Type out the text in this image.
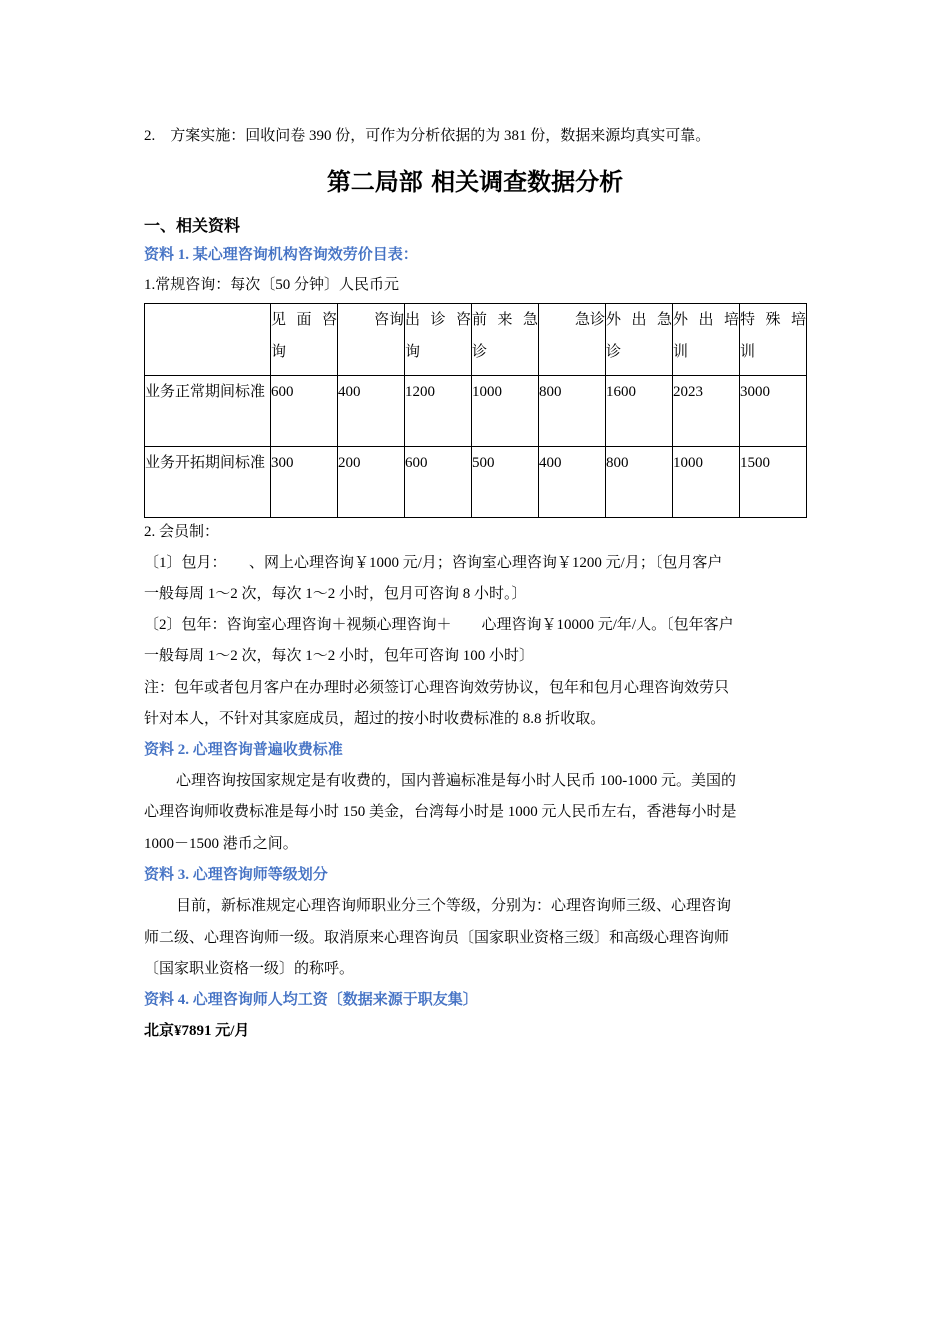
2.　方案实施：回收问卷 390 份，可作为分析依据的为 381 份，数据来源均真实可靠。
第二局部 相关调查数据分析
一、相关资料
资料 1. 某心理咨询机构咨询效劳价目表：
1.常规咨询：每次〔50 分钟〕人民币元
	见 面 咨询	咨询	出 诊 咨询	前 来 急诊	急诊	外 出 急诊	外 出 培训	特 殊 培训
业务正常期间标准	600	400	1200	1000	800	1600	2023	3000
业务开拓期间标准	300	200	600	500	400	800	1000	1500
2. 会员制：
〔1〕包月：　　、网上心理咨询￥1000 元/月；咨询室心理咨询￥1200 元/月；〔包月客户
一般每周 1～2 次，每次 1～2 小时，包月可咨询 8 小时。〕
〔2〕包年：咨询室心理咨询＋视频心理咨询＋　　心理咨询￥10000 元/年/人。〔包年客户
一般每周 1～2 次，每次 1～2 小时，包年可咨询 100 小时〕
注：包年或者包月客户在办理时必须签订心理咨询效劳协议，包年和包月心理咨询效劳只
针对本人，不针对其家庭成员，超过的按小时收费标准的 8.8 折收取。
资料 2. 心理咨询普遍收费标准
心理咨询按国家规定是有收费的，国内普遍标准是每小时人民币 100-1000 元。美国的
心理咨询师收费标准是每小时 150 美金，台湾每小时是 1000 元人民币左右，香港每小时是
1000－1500 港币之间。
资料 3. 心理咨询师等级划分
目前，新标准规定心理咨询师职业分三个等级，分别为：心理咨询师三级、心理咨询
师二级、心理咨询师一级。取消原来心理咨询员〔国家职业资格三级〕和高级心理咨询师
〔国家职业资格一级〕的称呼。
资料 4. 心理咨询师人均工资〔数据来源于职友集〕
北京¥7891 元/月
